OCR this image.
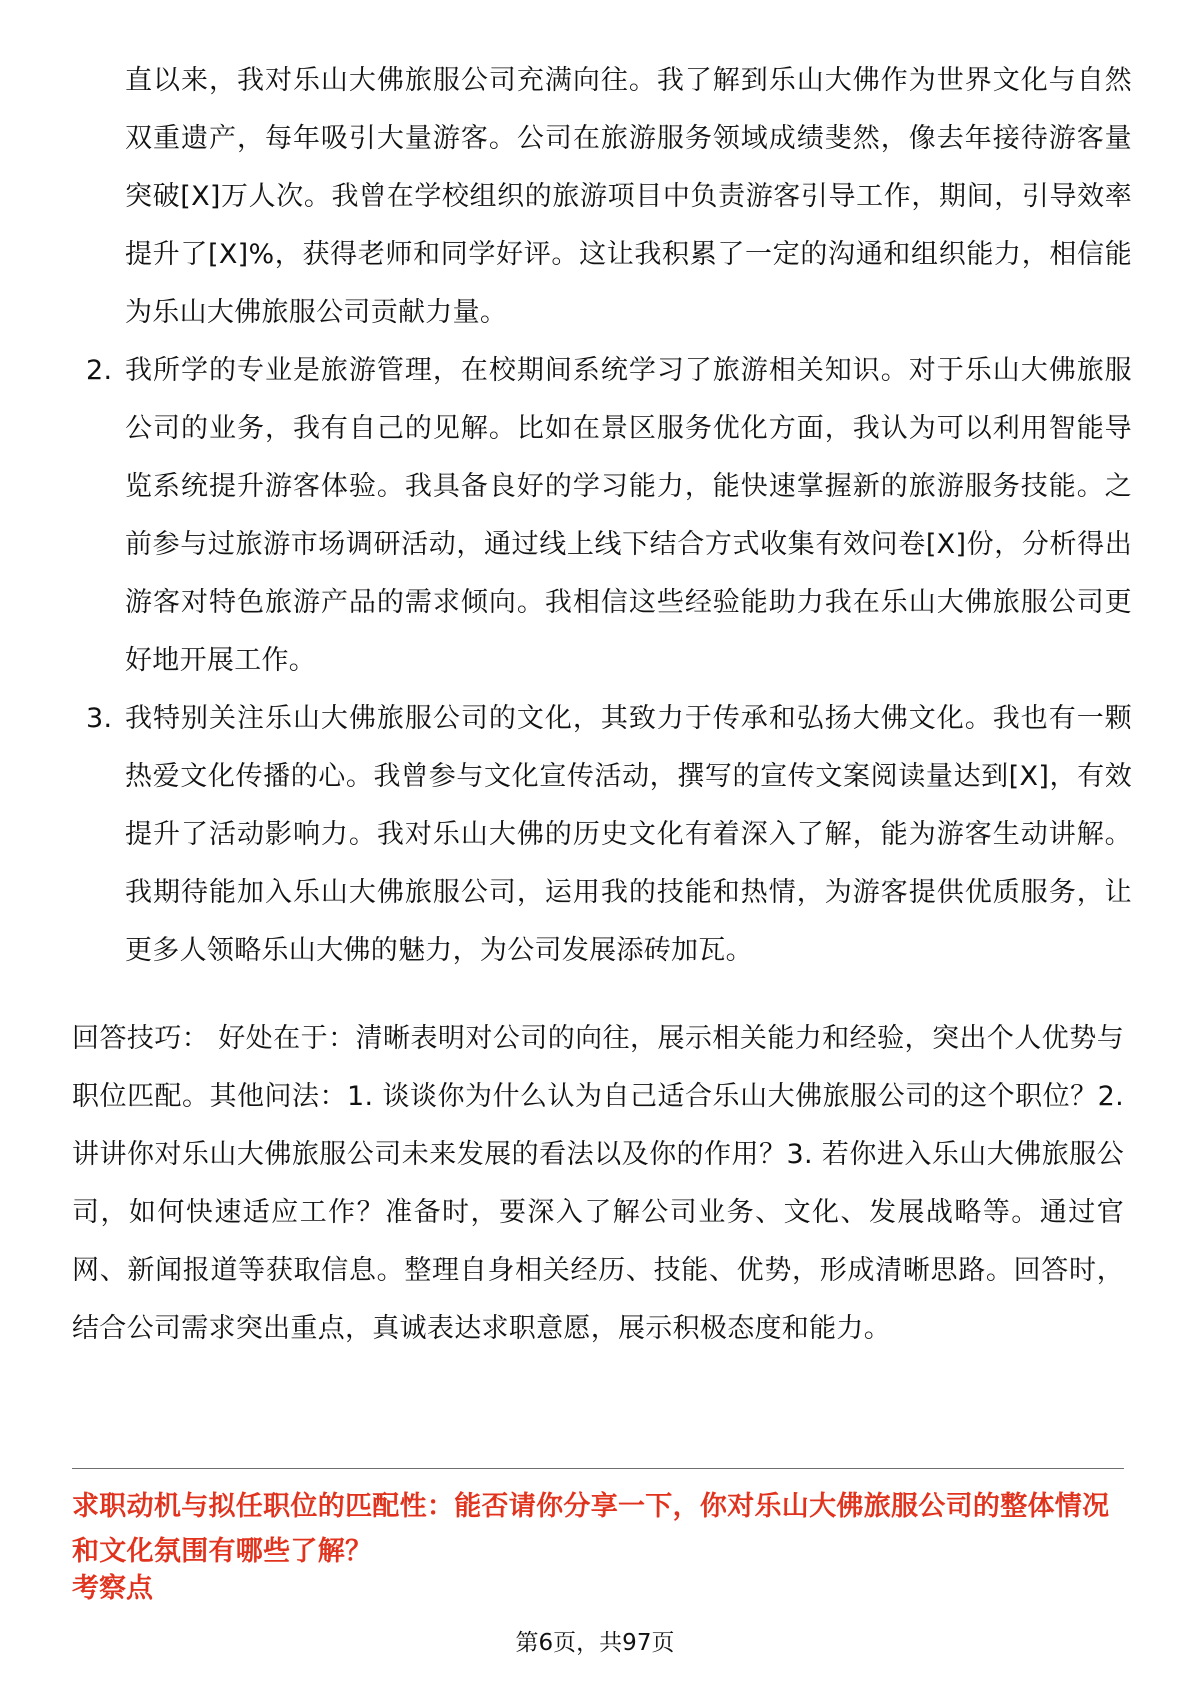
直以来，我对乐山大佛旅服公司充满向往。我了解到乐山大佛作为世界文化与自然双重遗产，每年吸引大量游客。公司在旅游服务领域成绩斐然，像去年接待游客量突破[X]万人次。我曾在学校组织的旅游项目中负责游客引导工作，期间，引导效率提升了[X]%，获得老师和同学好评。这让我积累了一定的沟通和组织能力，相信能为乐山大佛旅服公司贡献力量。
2. 我所学的专业是旅游管理，在校期间系统学习了旅游相关知识。对于乐山大佛旅服公司的业务，我有自己的见解。比如在景区服务优化方面，我认为可以利用智能导览系统提升游客体验。我具备良好的学习能力，能快速掌握新的旅游服务技能。之前参与过旅游市场调研活动，通过线上线下结合方式收集有效问卷[X]份，分析得出游客对特色旅游产品的需求倾向。我相信这些经验能助力我在乐山大佛旅服公司更好地开展工作。
3. 我特别关注乐山大佛旅服公司的文化，其致力于传承和弘扬大佛文化。我也有一颗热爱文化传播的心。我曾参与文化宣传活动，撰写的宣传文案阅读量达到[X]，有效提升了活动影响力。我对乐山大佛的历史文化有着深入了解，能为游客生动讲解。我期待能加入乐山大佛旅服公司，运用我的技能和热情，为游客提供优质服务，让更多人领略乐山大佛的魅力，为公司发展添砖加瓦。
回答技巧： 好处在于：清晰表明对公司的向往，展示相关能力和经验，突出个人优势与职位匹配。其他问法：1. 谈谈你为什么认为自己适合乐山大佛旅服公司的这个职位？2. 讲讲你对乐山大佛旅服公司未来发展的看法以及你的作用？3. 若你进入乐山大佛旅服公司，如何快速适应工作？准备时，要深入了解公司业务、文化、发展战略等。通过官网、新闻报道等获取信息。整理自身相关经历、技能、优势，形成清晰思路。回答时，结合公司需求突出重点，真诚表达求职意愿，展示积极态度和能力。
求职动机与拟任职位的匹配性：能否请你分享一下，你对乐山大佛旅服公司的整体情况和文化氛围有哪些了解？
考察点
第6页，共97页
